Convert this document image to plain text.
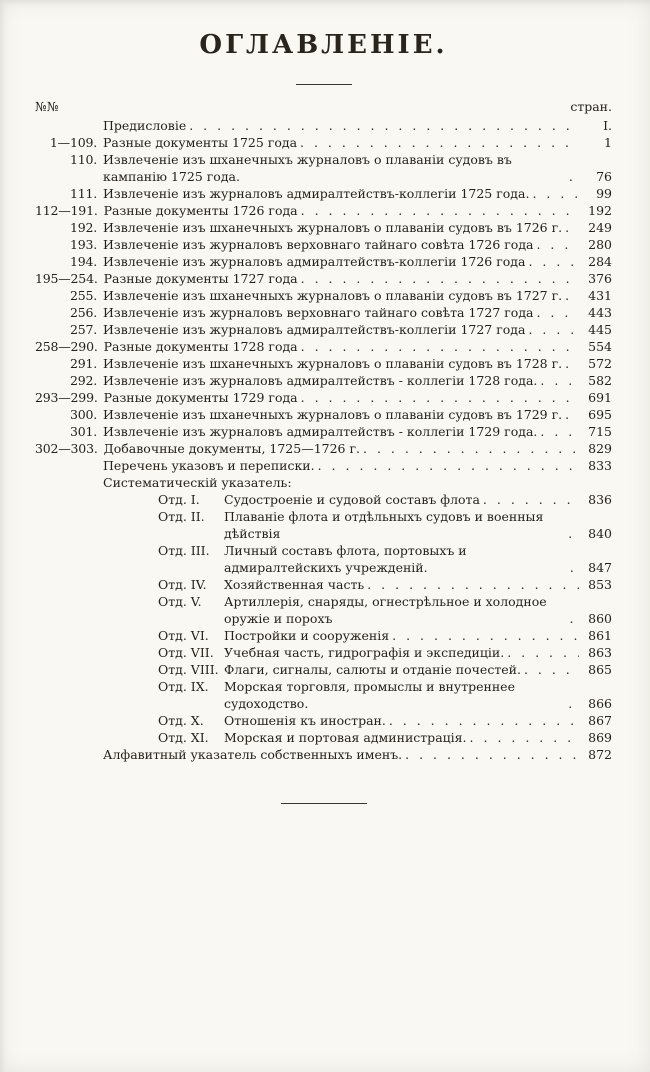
ОГЛАВЛЕНІЕ.
№№	стран.
Предисловіе . . .	I.
1—109. Разные документы 1725 года . . .	1
110. Извлеченіе изъ шханечныхъ журналовъ о плаваніи судовъ въ кампанію 1725 года. . . .	76
111. Извлеченіе изъ журналовъ адмиралтействъ-коллегіи 1725 года. . . .	99
112—191. Разные документы 1726 года . . .	192
192. Извлеченіе изъ шханечныхъ журналовъ о плаваніи судовъ въ 1726 г. . . .	249
193. Извлеченіе изъ журналовъ верховнаго тайнаго совѣта 1726 года . . .	280
194. Извлеченіе изъ журналовъ адмиралтействъ-коллегіи 1726 года . . .	284
195—254. Разные документы 1727 года . . .	376
255. Извлеченіе изъ шханечныхъ журналовъ о плаваніи судовъ въ 1727 г. . . .	431
256. Извлеченіе изъ журналовъ верховнаго тайнаго совѣта 1727 года . . .	443
257. Извлеченіе изъ журналовъ адмиралтействъ-коллегіи 1727 года . . .	445
258—290. Разные документы 1728 года . . .	554
291. Извлеченіе изъ шханечныхъ журналовъ о плаваніи судовъ въ 1728 г. . . .	572
292. Извлеченіе изъ журналовъ адмиралтействъ - коллегіи 1728 года. . . .	582
293—299. Разные документы 1729 года . . .	691
300. Извлеченіе изъ шханечныхъ журналовъ о плаваніи судовъ въ 1729 г. . . .	695
301. Извлеченіе изъ журналовъ адмиралтействъ - коллегіи 1729 года. . . .	715
302—303. Добавочные документы, 1725—1726 г. . . .	829
Перечень указовъ и переписки. . . .	833
Систематическій указатель:
Отд. I.	Судостроеніе и судовой составъ флота . . .	836
Отд. II.	Плаваніе флота и отдѣльныхъ судовъ и военныя дѣйствія . . .	840
Отд. III.	Личный составъ флота, портовыхъ и адмиралтейскихъ учрежденій. . . .	847
Отд. IV.	Хозяйственная часть . . .	853
Отд. V.	Артиллерія, снаряды, огнестрѣльное и холодное оружіе и порохъ . . .	860
Отд. VI.	Постройки и сооруженія . . .	861
Отд. VII. Учебная часть, гидрографія и экспедиціи. . . .	863
Отд. VIII. Флаги, сигналы, салюты и отданіе почестей. . . .	865
Отд. IX.	Морская торговля, промыслы и внутреннее судоходство. . . .	866
Отд. X.	Отношенія къ иностран. . . .	867
Отд. XI.	Морская и портовая администрація. . . .	869
Алфавитный указатель собственныхъ именъ. . . .	872
